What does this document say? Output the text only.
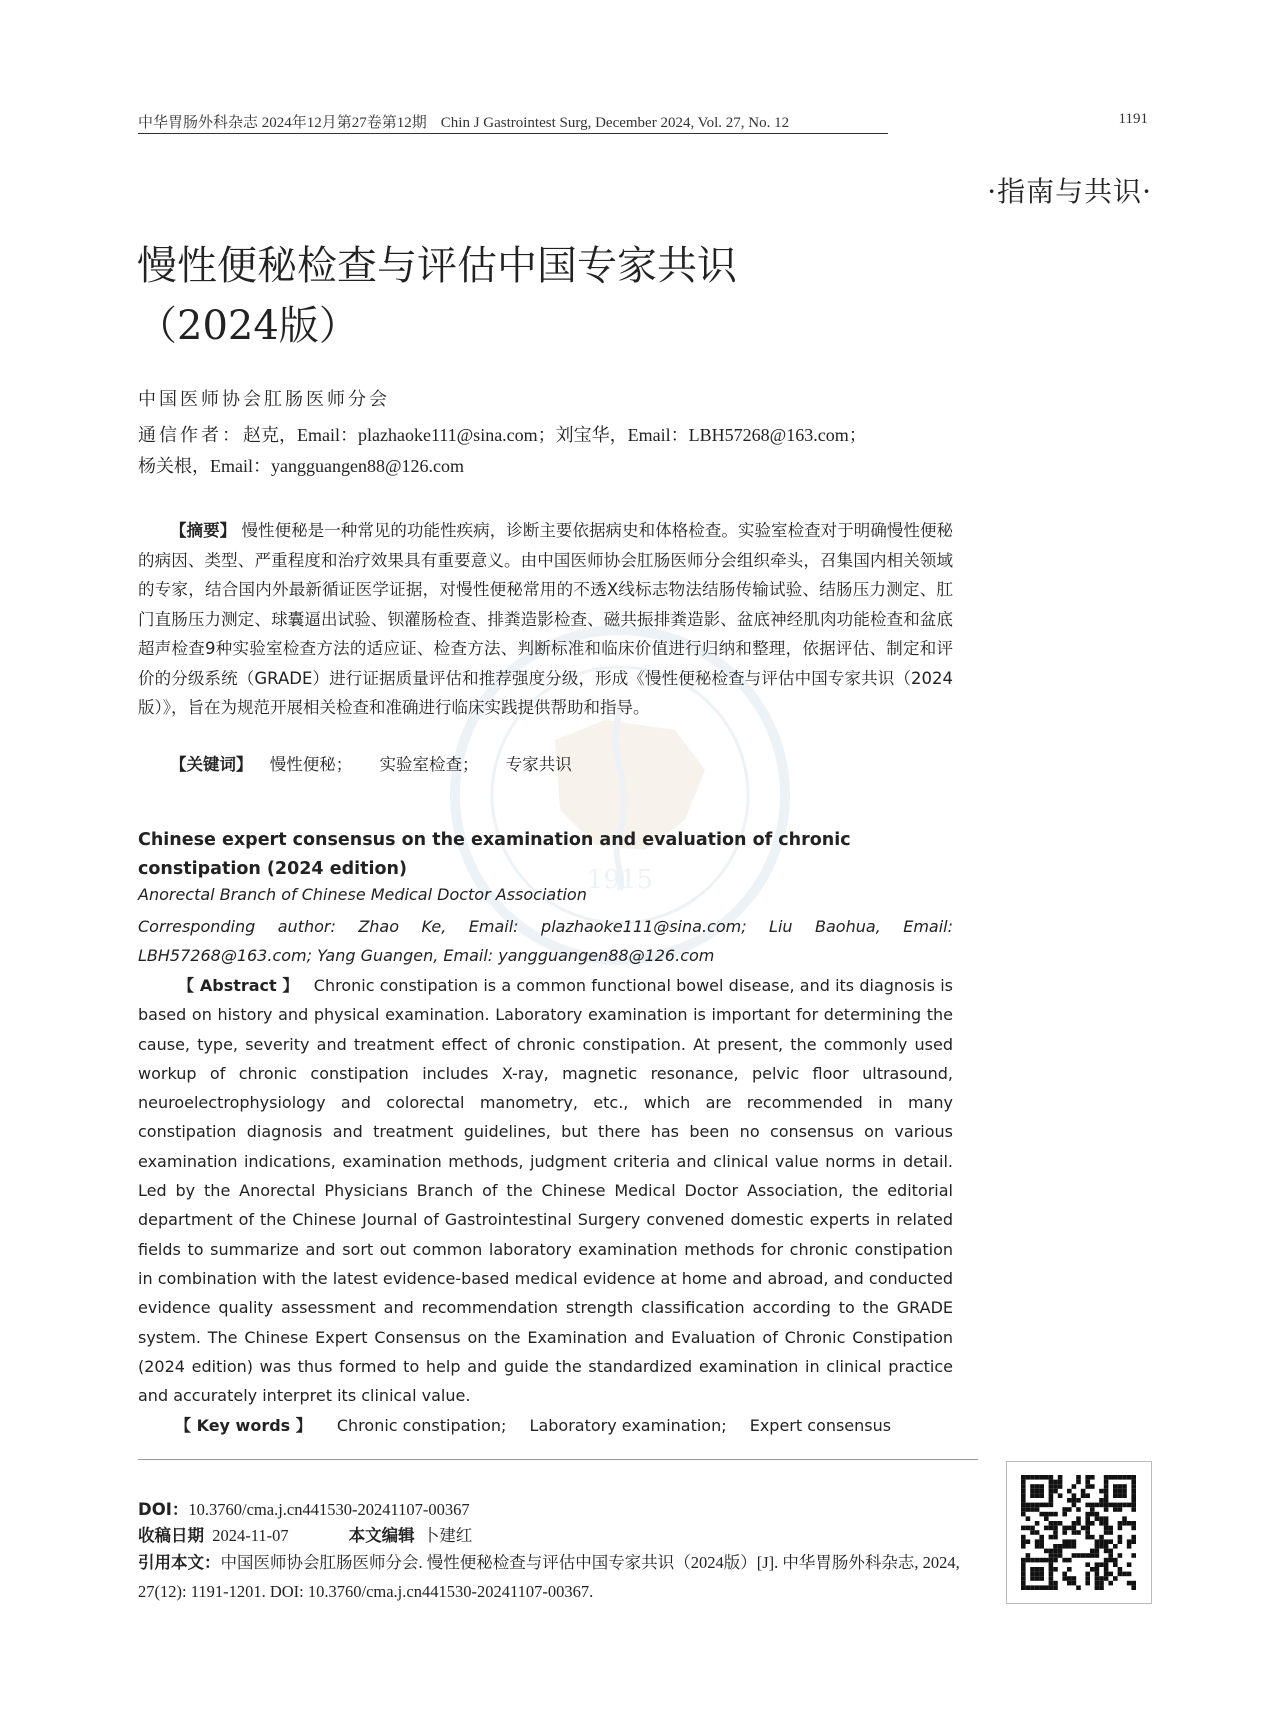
1915
中华胃肠外科杂志 2024年12月第27卷第12期 Chin J Gastrointest Surg, December 2024, Vol. 27, No. 12	1191
·指南与共识·
慢性便秘检查与评估中国专家共识
（2024版）
中国医师协会肛肠医师分会
通信作者：赵克，Email：plazhaoke111@sina.com；刘宝华，Email：LBH57268@163.com；
杨关根，Email：yangguangen88@126.com
【摘要】 慢性便秘是一种常见的功能性疾病，诊断主要依据病史和体格检查。实验室检查对于明确慢性便秘的病因、类型、严重程度和治疗效果具有重要意义。由中国医师协会肛肠医师分会组织牵头，召集国内相关领域的专家，结合国内外最新循证医学证据，对慢性便秘常用的不透X线标志物法结肠传输试验、结肠压力测定、肛门直肠压力测定、球囊逼出试验、钡灌肠检查、排粪造影检查、磁共振排粪造影、盆底神经肌肉功能检查和盆底超声检查9种实验室检查方法的适应证、检查方法、判断标准和临床价值进行归纳和整理，依据评估、制定和评价的分级系统（GRADE）进行证据质量评估和推荐强度分级，形成《慢性便秘检查与评估中国专家共识（2024版）》，旨在为规范开展相关检查和准确进行临床实践提供帮助和指导。
【关键词】 慢性便秘； 实验室检查； 专家共识
Chinese expert consensus on the examination and evaluation of chronic constipation (2024 edition)
Anorectal Branch of Chinese Medical Doctor Association
Corresponding author: Zhao Ke, Email: plazhaoke111@sina.com; Liu Baohua, Email: LBH57268@163.com; Yang Guangen, Email: yangguangen88@126.com
【 Abstract 】 Chronic constipation is a common functional bowel disease, and its diagnosis is based on history and physical examination. Laboratory examination is important for determining the cause, type, severity and treatment effect of chronic constipation. At present, the commonly used workup of chronic constipation includes X-ray, magnetic resonance, pelvic floor ultrasound, neuroelectrophysiology and colorectal manometry, etc., which are recommended in many constipation diagnosis and treatment guidelines, but there has been no consensus on various examination indications, examination methods, judgment criteria and clinical value norms in detail. Led by the Anorectal Physicians Branch of the Chinese Medical Doctor Association, the editorial department of the Chinese Journal of Gastrointestinal Surgery convened domestic experts in related fields to summarize and sort out common laboratory examination methods for chronic constipation in combination with the latest evidence-based medical evidence at home and abroad, and conducted evidence quality assessment and recommendation strength classification according to the GRADE system. The Chinese Expert Consensus on the Examination and Evaluation of Chronic Constipation (2024 edition) was thus formed to help and guide the standardized examination in clinical practice and accurately interpret its clinical value.
【 Key words 】 Chronic constipation; Laboratory examination; Expert consensus
DOI：10.3760/cma.j.cn441530-20241107-00367
收稿日期 2024-11-07	本文编辑 卜建红
引用本文：中国医师协会肛肠医师分会. 慢性便秘检查与评估中国专家共识（2024版）[J]. 中华胃肠外科杂志, 2024, 27(12): 1191-1201. DOI: 10.3760/cma.j.cn441530-20241107-00367.
